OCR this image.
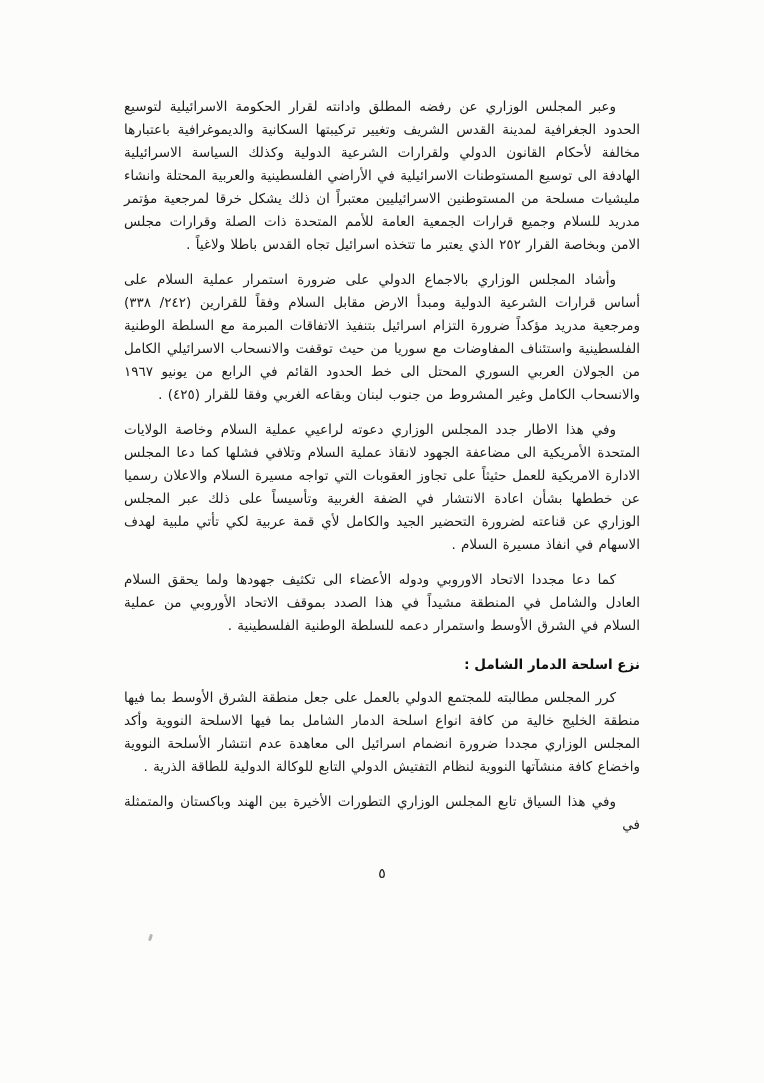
وعبر المجلس الوزاري عن رفضه المطلق وادانته لقرار الحكومة الاسرائيلية لتوسيع الحدود الجغرافية لمدينة القدس الشريف وتغيير تركيبتها السكانية والديموغرافية باعتبارها مخالفة لأحكام القانون الدولي ولقرارات الشرعية الدولية وكذلك السياسة الاسرائيلية الهادفة الى توسيع المستوطنات الاسرائيلية في الأراضي الفلسطينية والعربية المحتلة وانشاء مليشيات مسلحة من المستوطنين الاسرائيليين معتبراً ان ذلك يشكل خرقا لمرجعية مؤتمر مدريد للسلام وجميع قرارات الجمعية العامة للأمم المتحدة ذات الصلة وقرارات مجلس الامن وبخاصة القرار ٢٥٢ الذي يعتبر ما تتخذه اسرائيل تجاه القدس باطلا ولاغياً .

وأشاد المجلس الوزاري بالاجماع الدولي على ضرورة استمرار عملية السلام على أساس قرارات الشرعية الدولية ومبدأ الارض مقابل السلام وفقاً للقرارين (٢٤٢/ ٣٣٨) ومرجعية مدريد مؤكداً ضرورة التزام اسرائيل بتنفيذ الاتفاقات المبرمة مع السلطة الوطنية الفلسطينية واستئناف المفاوضات مع سوريا من حيث توقفت والانسحاب الاسرائيلي الكامل من الجولان العربي السوري المحتل الى خط الحدود القائم في الرابع من يونيو ١٩٦٧ والانسحاب الكامل وغير المشروط من جنوب لبنان وبقاعه الغربي وفقا للقرار (٤٢٥) .

وفي هذا الاطار جدد المجلس الوزاري دعوته لراعيي عملية السلام وخاصة الولايات المتحدة الأمريكية الى مضاعفة الجهود لانقاذ عملية السلام وتلافي فشلها كما دعا المجلس الادارة الامريكية للعمل حثيثاً على تجاوز العقوبات التي تواجه مسيرة السلام والاعلان رسميا عن خططها بشأن اعادة الانتشار في الضفة الغربية وتأسيساً على ذلك عبر المجلس الوزاري عن قناعته لضرورة التحضير الجيد والكامل لأي قمة عربية لكي تأتي ملبية لهدف الاسهام في انفاذ مسيرة السلام .

كما دعا مجددا الاتحاد الاوروبي ودوله الأعضاء الى تكثيف جهودها ولما يحقق السلام العادل والشامل في المنطقة مشيداً في هذا الصدد بموقف الاتحاد الأوروبي من عملية السلام في الشرق الأوسط واستمرار دعمه للسلطة الوطنية الفلسطينية .

نزع اسلحة الدمار الشامل :

كرر المجلس مطالبته للمجتمع الدولي بالعمل على جعل منطقة الشرق الأوسط بما فيها منطقة الخليج خالية من كافة انواع اسلحة الدمار الشامل بما فيها الاسلحة النووية وأكد المجلس الوزاري مجددا ضرورة انضمام اسرائيل الى معاهدة عدم انتشار الأسلحة النووية واخضاع كافة منشآتها النووية لنظام التفتيش الدولي التابع للوكالة الدولية للطاقة الذرية .

وفي هذا السياق تابع المجلس الوزاري التطورات الأخيرة بين الهند وباكستان والمتمثلة في

٥
